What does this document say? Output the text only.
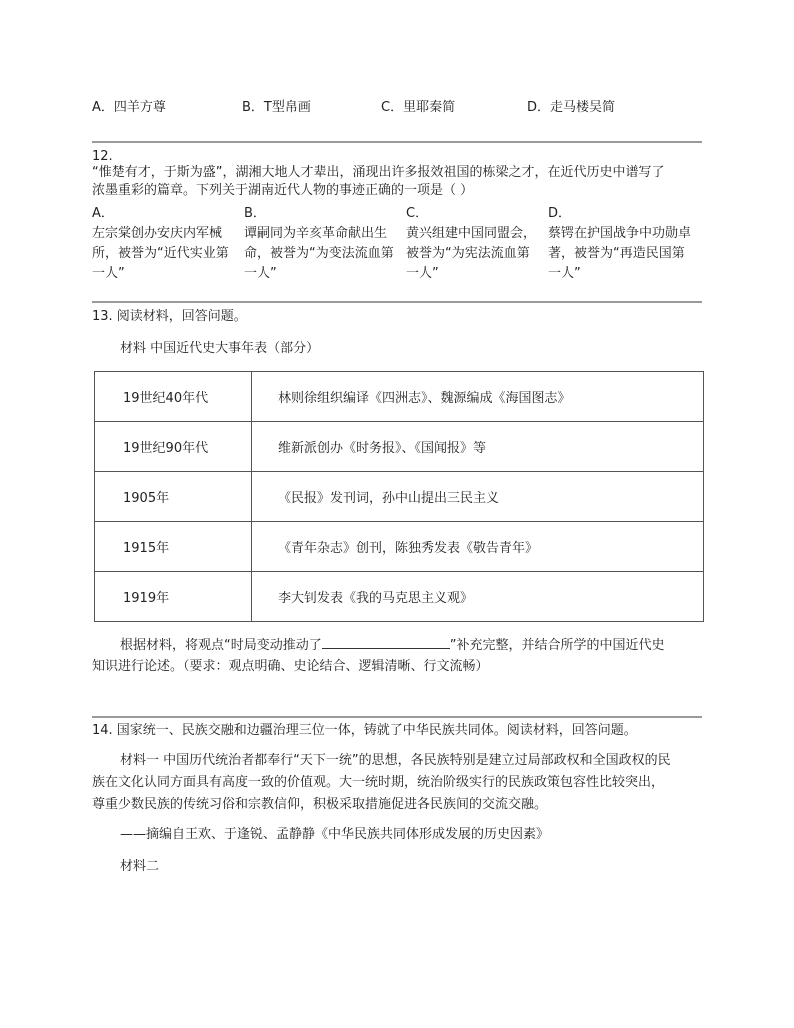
A．四羊方尊	B．T型帛画	C．里耶秦简	D．走马楼吴简
12.
“惟楚有才，于斯为盛”，湖湘大地人才辈出，涌现出许多报效祖国的栋梁之才，在近代历史中谱写了
浓墨重彩的篇章。下列关于湖南近代人物的事迹正确的一项是（ ）
A．
左宗棠创办安庆内军械
所，被誉为“近代实业第
一人”
B．
谭嗣同为辛亥革命献出生
命，被誉为“为变法流血第
一人”
C．
黄兴组建中国同盟会，
被誉为“为宪法流血第
一人”
D．
蔡锷在护国战争中功勋卓
著，被誉为“再造民国第
一人”
13. 阅读材料，回答问题。
材料 中国近代史大事年表（部分）
19世纪40年代	林则徐组织编译《四洲志》、魏源编成《海国图志》
19世纪90年代	维新派创办《时务报》、《国闻报》等
1905年	《民报》发刊词，孙中山提出三民主义
1915年	《青年杂志》创刊，陈独秀发表《敬告青年》
1919年	李大钊发表《我的马克思主义观》
根据材料，将观点“时局变动推动了	”补充完整，并结合所学的中国近代史
知识进行论述。（要求：观点明确、史论结合、逻辑清晰、行文流畅）
14. 国家统一、民族交融和边疆治理三位一体，铸就了中华民族共同体。阅读材料，回答问题。
材料一 中国历代统治者都奉行“天下一统”的思想，各民族特别是建立过局部政权和全国政权的民
族在文化认同方面具有高度一致的价值观。大一统时期，统治阶级实行的民族政策包容性比较突出，
尊重少数民族的传统习俗和宗教信仰，积极采取措施促进各民族间的交流交融。
——摘编自王欢、于逢锐、孟静静《中华民族共同体形成发展的历史因素》
材料二
